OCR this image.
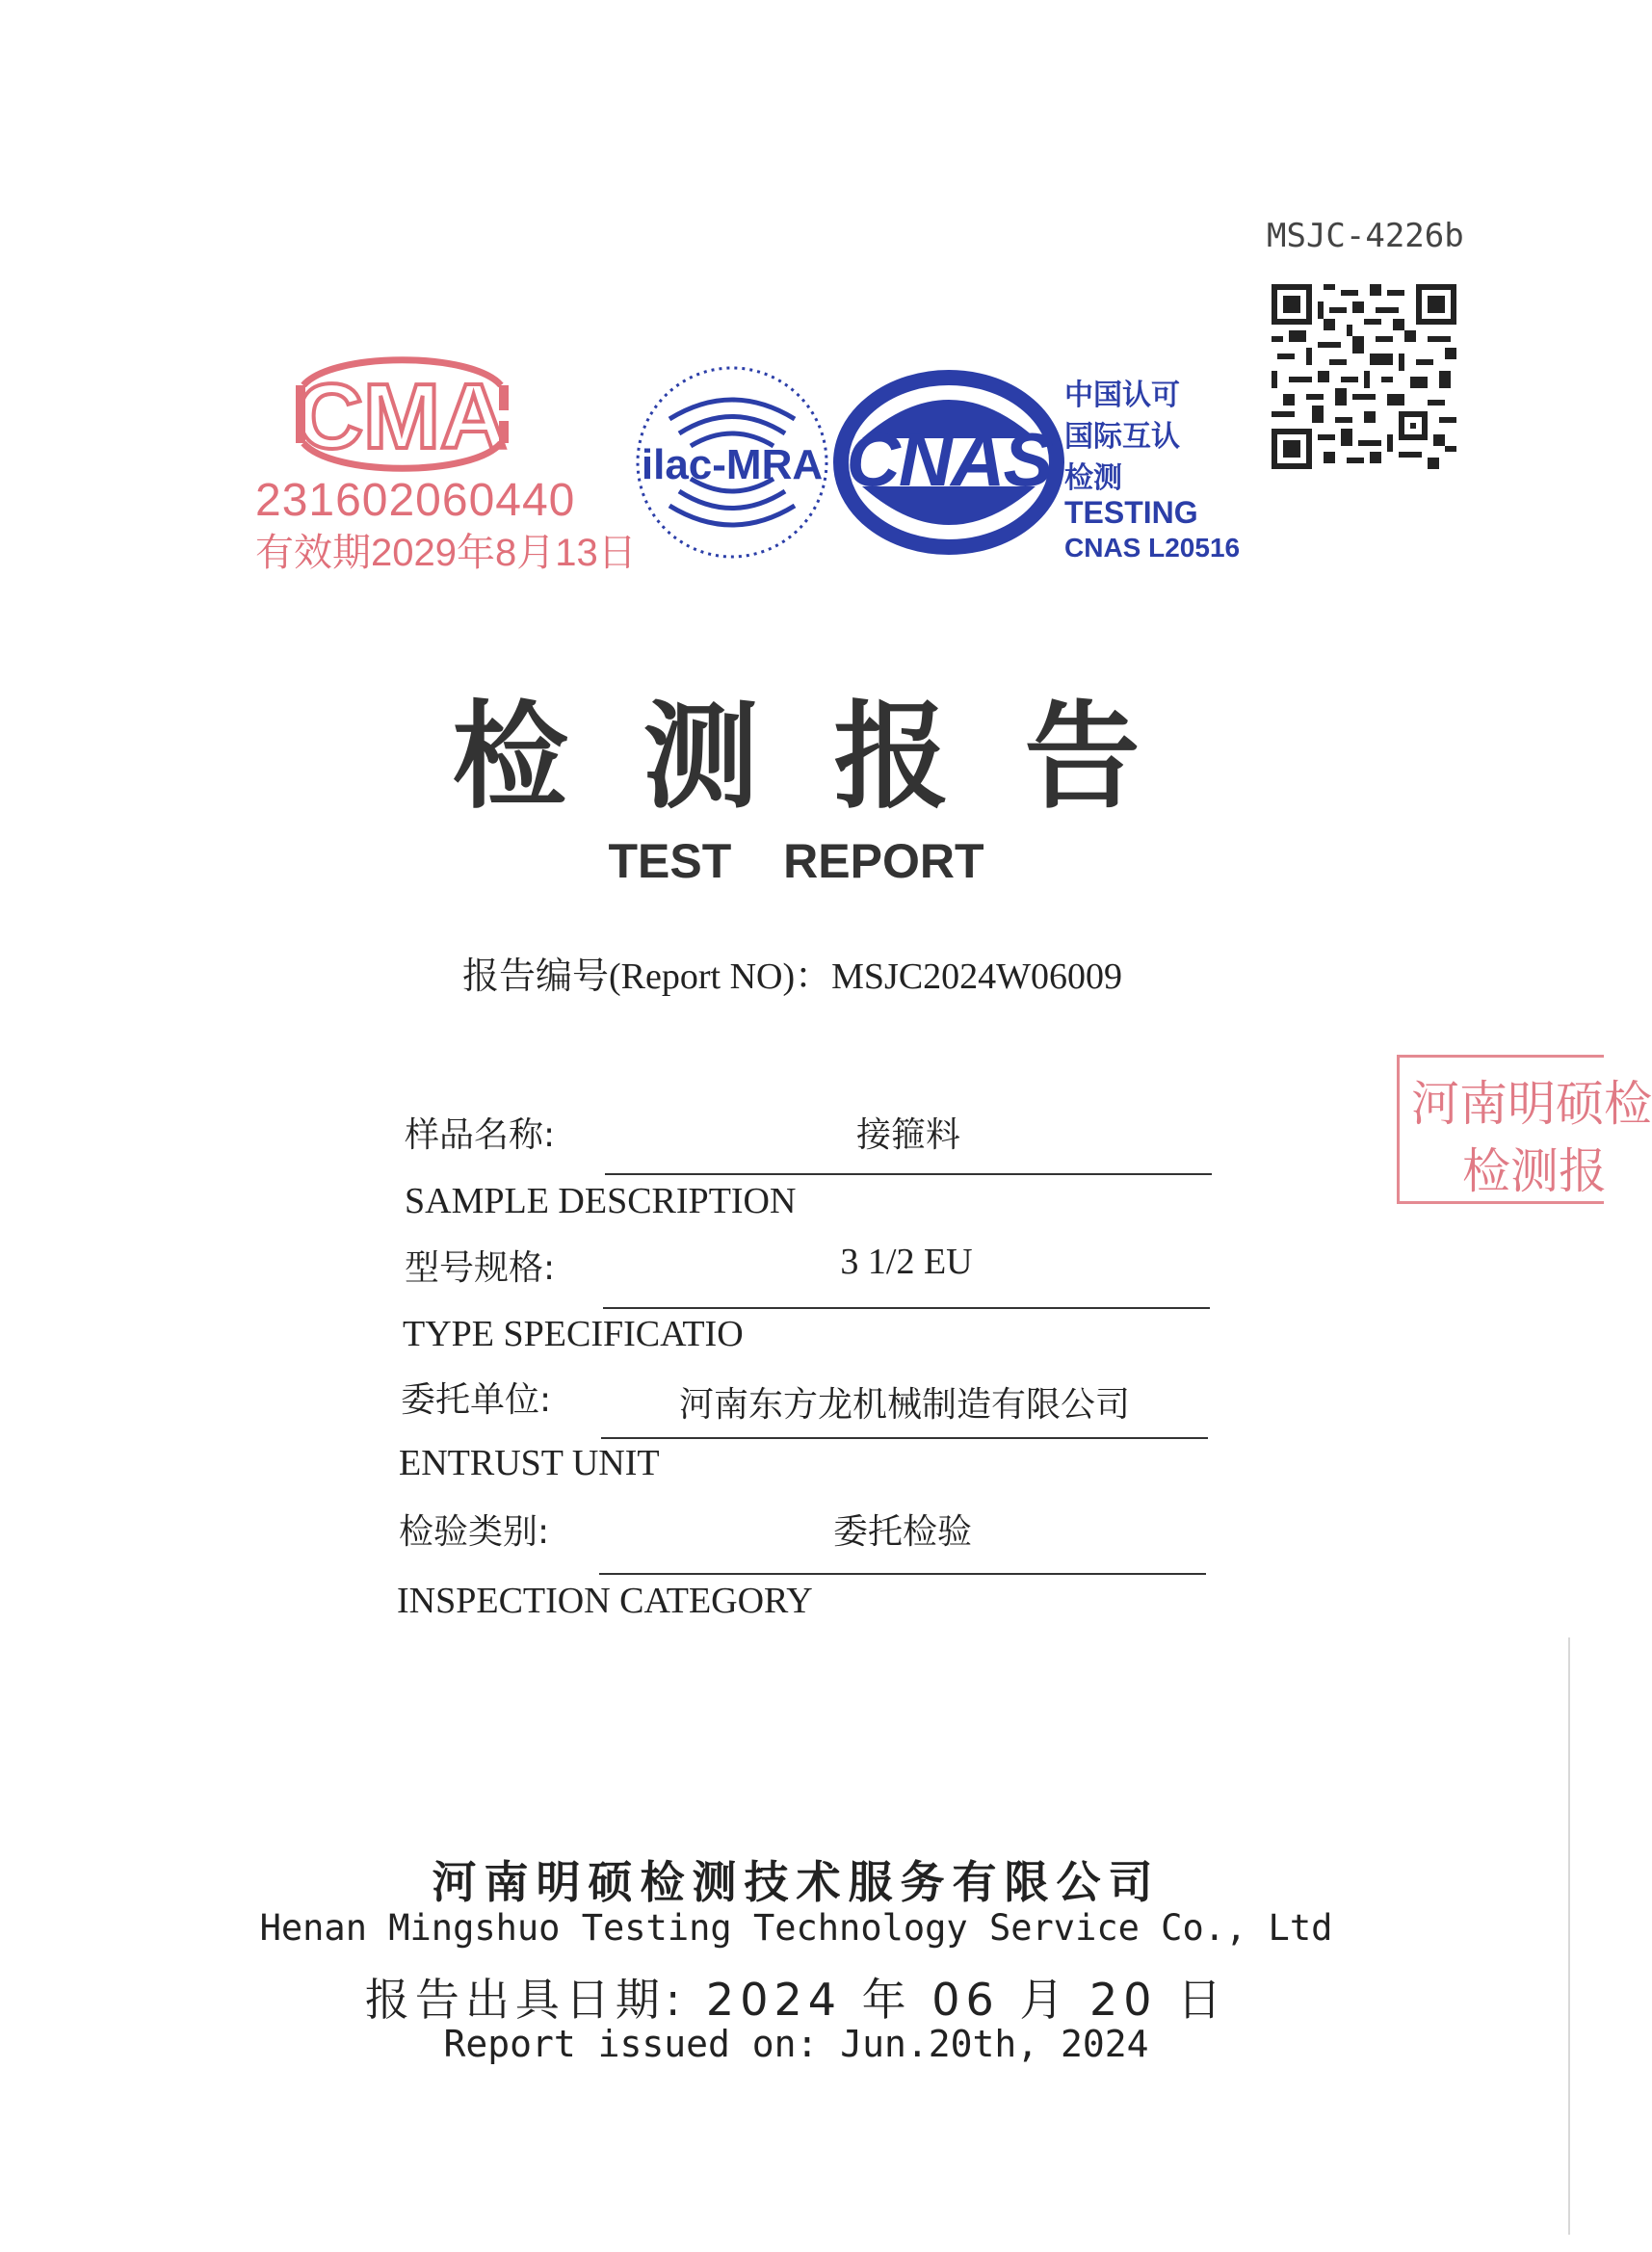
MSJC-4226b
CMA
231602060440
有效期2029年8月13日
ilac-MRA CNAS
中国认可
国际互认
检测
TESTING
CNAS L20516
检测报告
TEST REPORT
报告编号(Report NO)：MSJC2024W06009
河南明硕检
检测报
样品名称:	接箍料
SAMPLE DESCRIPTION
型号规格:	3 1/2 EU
TYPE SPECIFICATIO
委托单位:	河南东方龙机械制造有限公司
ENTRUST UNIT
检验类别:	委托检验
INSPECTION CATEGORY
河南明硕检测技术服务有限公司
Henan Mingshuo Testing Technology Service Co., Ltd
报告出具日期: 2024 年 06 月 20 日
Report issued on: Jun.20th, 2024
